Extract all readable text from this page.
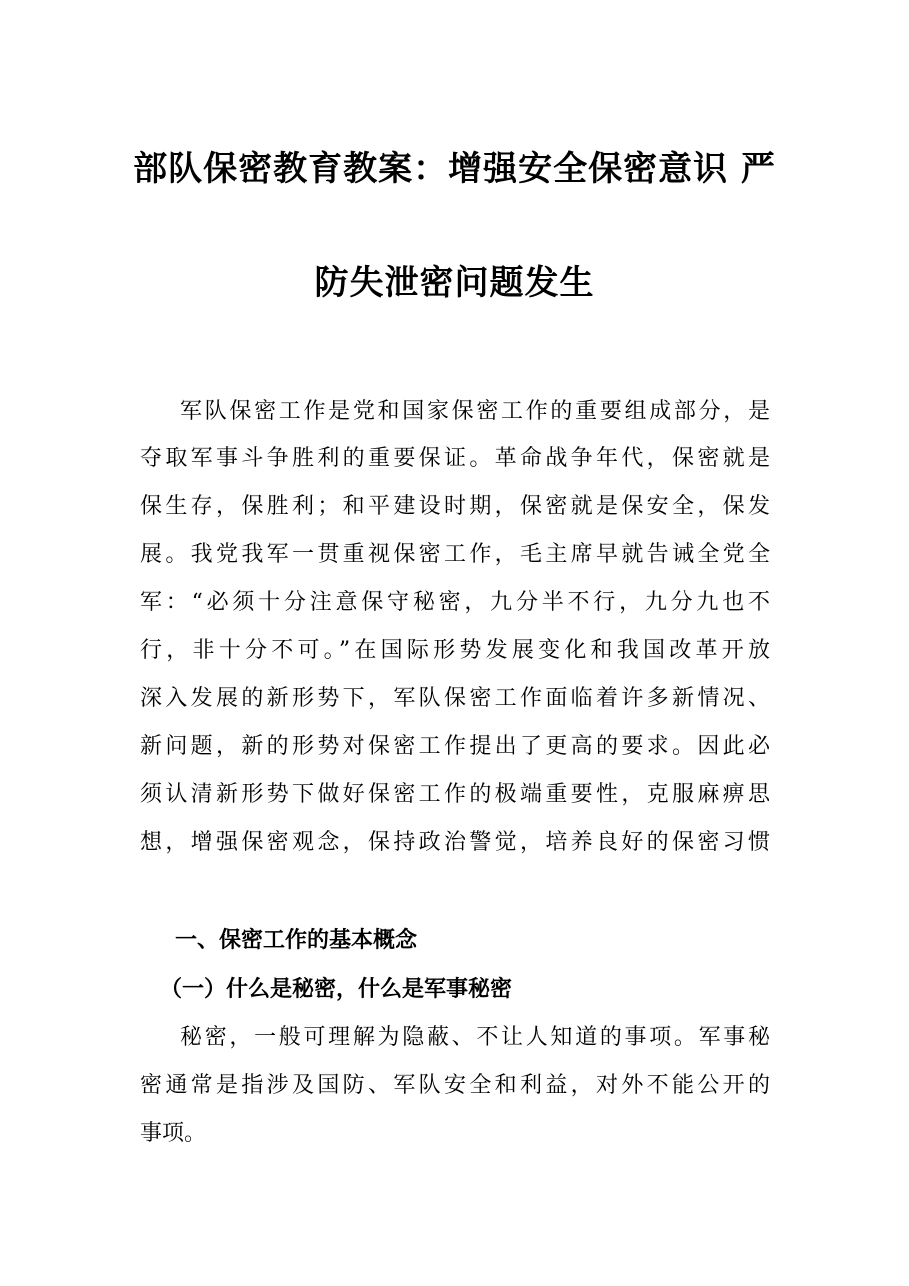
部队保密教育教案：增强安全保密意识 严
防失泄密问题发生
军队保密工作是党和国家保密工作的重要组成部分，是
夺取军事斗争胜利的重要保证。革命战争年代，保密就是
保生存，保胜利；和平建设时期，保密就是保安全，保发
展。我党我军一贯重视保密工作，毛主席早就告诫全党全
军：“必须十分注意保守秘密，九分半不行，九分九也不
行，非十分不可。”在国际形势发展变化和我国改革开放
深入发展的新形势下，军队保密工作面临着许多新情况、
新问题，新的形势对保密工作提出了更高的要求。因此必
须认清新形势下做好保密工作的极端重要性，克服麻痹思
想，增强保密观念，保持政治警觉，培养良好的保密习惯
一、保密工作的基本概念
（一）什么是秘密，什么是军事秘密
秘密，一般可理解为隐蔽、不让人知道的事项。军事秘
密通常是指涉及国防、军队安全和利益，对外不能公开的
事项。
